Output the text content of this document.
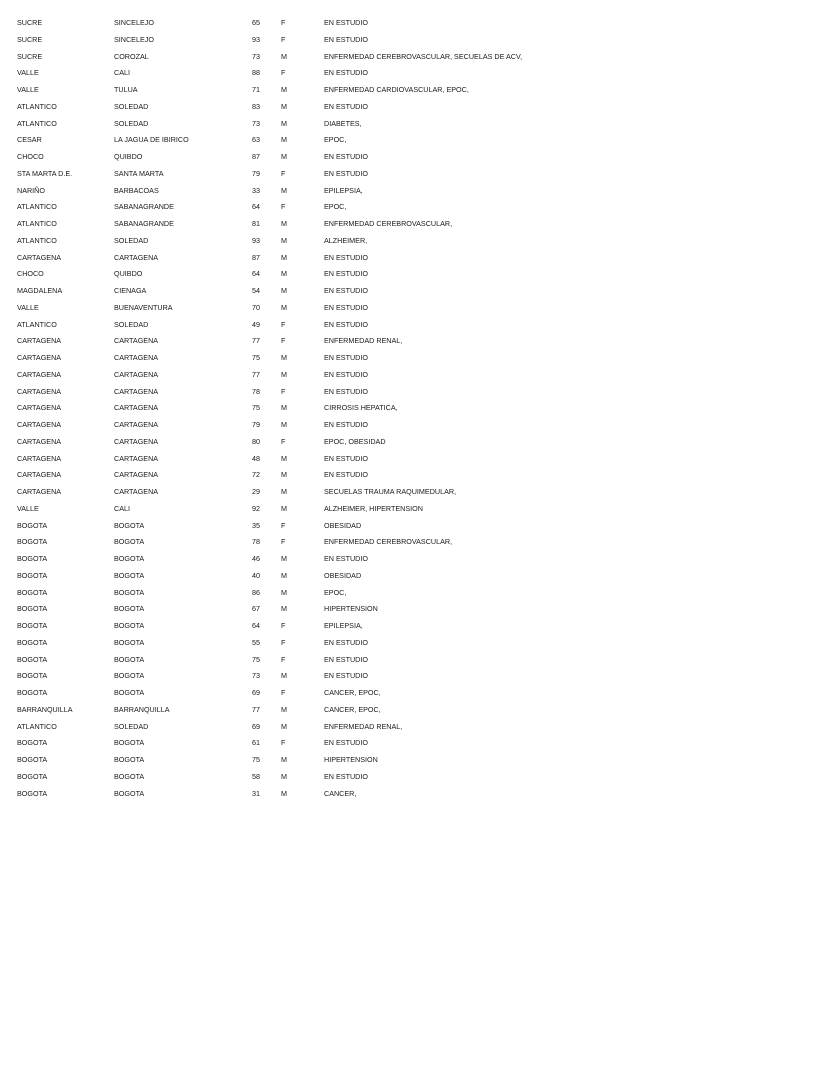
SUCRE	SINCELEJO	65	F	EN ESTUDIO
SUCRE	SINCELEJO	93	F	EN ESTUDIO
SUCRE	COROZAL	73	M	ENFERMEDAD CEREBROVASCULAR, SECUELAS DE ACV,
VALLE	CALI	88	F	EN ESTUDIO
VALLE	TULUA	71	M	ENFERMEDAD CARDIOVASCULAR, EPOC,
ATLANTICO	SOLEDAD	83	M	EN ESTUDIO
ATLANTICO	SOLEDAD	73	M	DIABETES,
CESAR	LA JAGUA DE IBIRICO	63	M	EPOC,
CHOCO	QUIBDO	87	M	EN ESTUDIO
STA MARTA D.E.	SANTA MARTA	79	F	EN ESTUDIO
NARIÑO	BARBACOAS	33	M	EPILEPSIA,
ATLANTICO	SABANAGRANDE	64	F	EPOC,
ATLANTICO	SABANAGRANDE	81	M	ENFERMEDAD CEREBROVASCULAR,
ATLANTICO	SOLEDAD	93	M	ALZHEIMER,
CARTAGENA	CARTAGENA	87	M	EN ESTUDIO
CHOCO	QUIBDO	64	M	EN ESTUDIO
MAGDALENA	CIENAGA	54	M	EN ESTUDIO
VALLE	BUENAVENTURA	70	M	EN ESTUDIO
ATLANTICO	SOLEDAD	49	F	EN ESTUDIO
CARTAGENA	CARTAGENA	77	F	ENFERMEDAD RENAL,
CARTAGENA	CARTAGENA	75	M	EN ESTUDIO
CARTAGENA	CARTAGENA	77	M	EN ESTUDIO
CARTAGENA	CARTAGENA	78	F	EN ESTUDIO
CARTAGENA	CARTAGENA	75	M	CIRROSIS HEPATICA,
CARTAGENA	CARTAGENA	79	M	EN ESTUDIO
CARTAGENA	CARTAGENA	80	F	EPOC, OBESIDAD
CARTAGENA	CARTAGENA	48	M	EN ESTUDIO
CARTAGENA	CARTAGENA	72	M	EN ESTUDIO
CARTAGENA	CARTAGENA	29	M	SECUELAS TRAUMA RAQUIMEDULAR,
VALLE	CALI	92	M	ALZHEIMER, HIPERTENSION
BOGOTA	BOGOTA	35	F	OBESIDAD
BOGOTA	BOGOTA	78	F	ENFERMEDAD CEREBROVASCULAR,
BOGOTA	BOGOTA	46	M	EN ESTUDIO
BOGOTA	BOGOTA	40	M	OBESIDAD
BOGOTA	BOGOTA	86	M	EPOC,
BOGOTA	BOGOTA	67	M	HIPERTENSION
BOGOTA	BOGOTA	64	F	EPILEPSIA,
BOGOTA	BOGOTA	55	F	EN ESTUDIO
BOGOTA	BOGOTA	75	F	EN ESTUDIO
BOGOTA	BOGOTA	73	M	EN ESTUDIO
BOGOTA	BOGOTA	69	F	CANCER, EPOC,
BARRANQUILLA	BARRANQUILLA	77	M	CANCER, EPOC,
ATLANTICO	SOLEDAD	69	M	ENFERMEDAD RENAL,
BOGOTA	BOGOTA	61	F	EN ESTUDIO
BOGOTA	BOGOTA	75	M	HIPERTENSION
BOGOTA	BOGOTA	58	M	EN ESTUDIO
BOGOTA	BOGOTA	31	M	CANCER,
